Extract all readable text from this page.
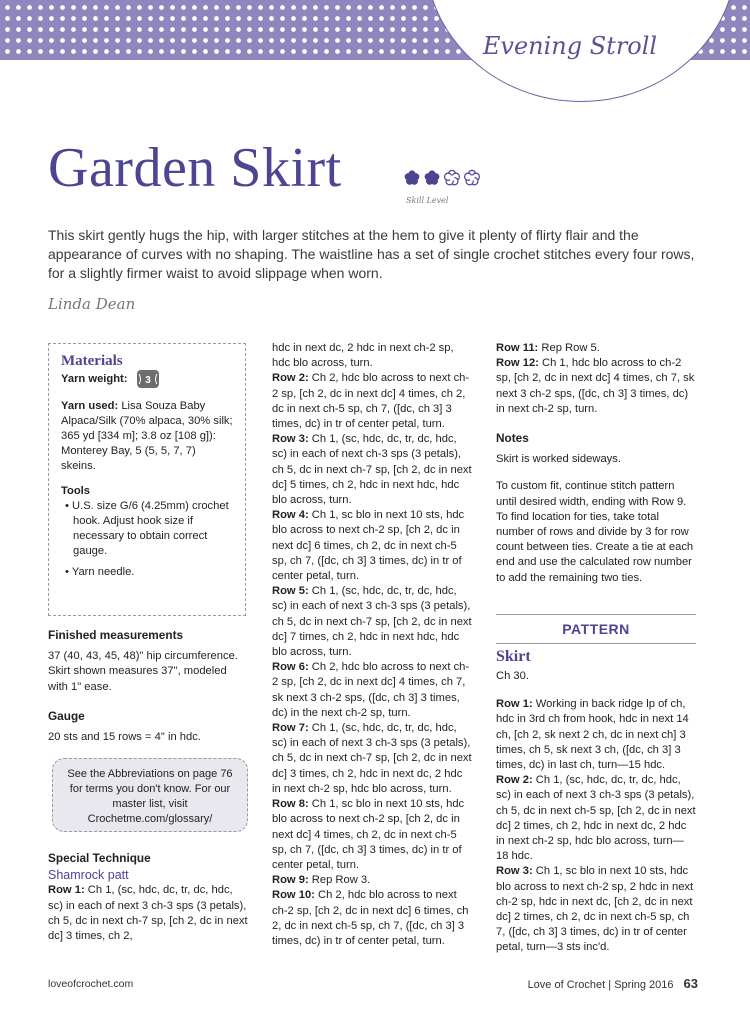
Evening Stroll
Garden Skirt
Skill Level
This skirt gently hugs the hip, with larger stitches at the hem to give it plenty of flirty flair and the appearance of curves with no shaping. The waistline has a set of single crochet stitches every four rows, for a slightly firmer waist to avoid slippage when worn.
Linda Dean

Materials

Yarn weight: 3

Yarn used: Lisa Souza Baby Alpaca/Silk (70% alpaca, 30% silk; 365 yd [334 m]; 3.8 oz [108 g]): Monterey Bay, 5 (5, 5, 7, 7) skeins.

Tools

• U.S. size G/6 (4.25mm) crochet hook. Adjust hook size if necessary to obtain correct gauge.

• Yarn needle.

Finished measurements

37 (40, 43, 45, 48)" hip circumference. Skirt shown measures 37", modeled with 1" ease.

Gauge

20 sts and 15 rows = 4" in hdc.

See the Abbreviations on page 76 for terms you don't know. For our master list, visit Crochetme.com/glossary/

Special Technique

Shamrock patt

Row 1: Ch 1, (sc, hdc, dc, tr, dc, hdc, sc) in each of next 3 ch-3 sps (3 petals), ch 5, dc in next ch-7 sp, [ch 2, dc in next dc] 3 times, ch 2,

hdc in next dc, 2 hdc in next ch-2 sp, hdc blo across, turn.

Row 2: Ch 2, hdc blo across to next ch-2 sp, [ch 2, dc in next dc] 4 times, ch 2, dc in next ch-5 sp, ch 7, ([dc, ch 3] 3 times, dc) in tr of center petal, turn.

Row 3: Ch 1, (sc, hdc, dc, tr, dc, hdc, sc) in each of next ch-3 sps (3 petals), ch 5, dc in next ch-7 sp, [ch 2, dc in next dc] 5 times, ch 2, hdc in next hdc, hdc blo across, turn.

Row 4: Ch 1, sc blo in next 10 sts, hdc blo across to next ch-2 sp, [ch 2, dc in next dc] 6 times, ch 2, dc in next ch-5 sp, ch 7, ([dc, ch 3] 3 times, dc) in tr of center petal, turn.

Row 5: Ch 1, (sc, hdc, dc, tr, dc, hdc, sc) in each of next 3 ch-3 sps (3 petals), ch 5, dc in next ch-7 sp, [ch 2, dc in next dc] 7 times, ch 2, hdc in next hdc, hdc blo across, turn.

Row 6: Ch 2, hdc blo across to next ch-2 sp, [ch 2, dc in next dc] 4 times, ch 7, sk next 3 ch-2 sps, ([dc, ch 3] 3 times, dc) in the next ch-2 sp, turn.

Row 7: Ch 1, (sc, hdc, dc, tr, dc, hdc, sc) in each of next 3 ch-3 sps (3 petals), ch 5, dc in next ch-7 sp, [ch 2, dc in next dc] 3 times, ch 2, hdc in next dc, 2 hdc in next ch-2 sp, hdc blo across, turn.

Row 8: Ch 1, sc blo in next 10 sts, hdc blo across to next ch-2 sp, [ch 2, dc in next dc] 4 times, ch 2, dc in next ch-5 sp, ch 7, ([dc, ch 3] 3 times, dc) in tr of center petal, turn.

Row 9: Rep Row 3.

Row 10: Ch 2, hdc blo across to next ch-2 sp, [ch 2, dc in next dc] 6 times, ch 2, dc in next ch-5 sp, ch 7, ([dc, ch 3] 3 times, dc) in tr of center petal, turn.

Row 11: Rep Row 5.

Row 12: Ch 1, hdc blo across to ch-2 sp, [ch 2, dc in next dc] 4 times, ch 7, sk next 3 ch-2 sps, ([dc, ch 3] 3 times, dc) in next ch-2 sp, turn.

Notes

Skirt is worked sideways.

To custom fit, continue stitch pattern until desired width, ending with Row 9. To find location for ties, take total number of rows and divide by 3 for row count between ties. Create a tie at each end and use the calculated row number to add the remaining two ties.

PATTERN
Skirt

Ch 30.

Row 1: Working in back ridge lp of ch, hdc in 3rd ch from hook, hdc in next 14 ch, [ch 2, sk next 2 ch, dc in next ch] 3 times, ch 5, sk next 3 ch, ([dc, ch 3] 3 times, dc) in last ch, turn—15 hdc.

Row 2: Ch 1, (sc, hdc, dc, tr, dc, hdc, sc) in each of next 3 ch-3 sps (3 petals), ch 5, dc in next ch-5 sp, [ch 2, dc in next dc] 2 times, ch 2, hdc in next dc, 2 hdc in next ch-2 sp, hdc blo across, turn—18 hdc.

Row 3: Ch 1, sc blo in next 10 sts, hdc blo across to next ch-2 sp, 2 hdc in next ch-2 sp, hdc in next dc, [ch 2, dc in next dc] 2 times, ch 2, dc in next ch-5 sp, ch 7, ([dc, ch 3] 3 times, dc) in tr of center petal, turn—3 sts inc'd.

loveofcrochet.com	Love of Crochet | Spring 2016 63
